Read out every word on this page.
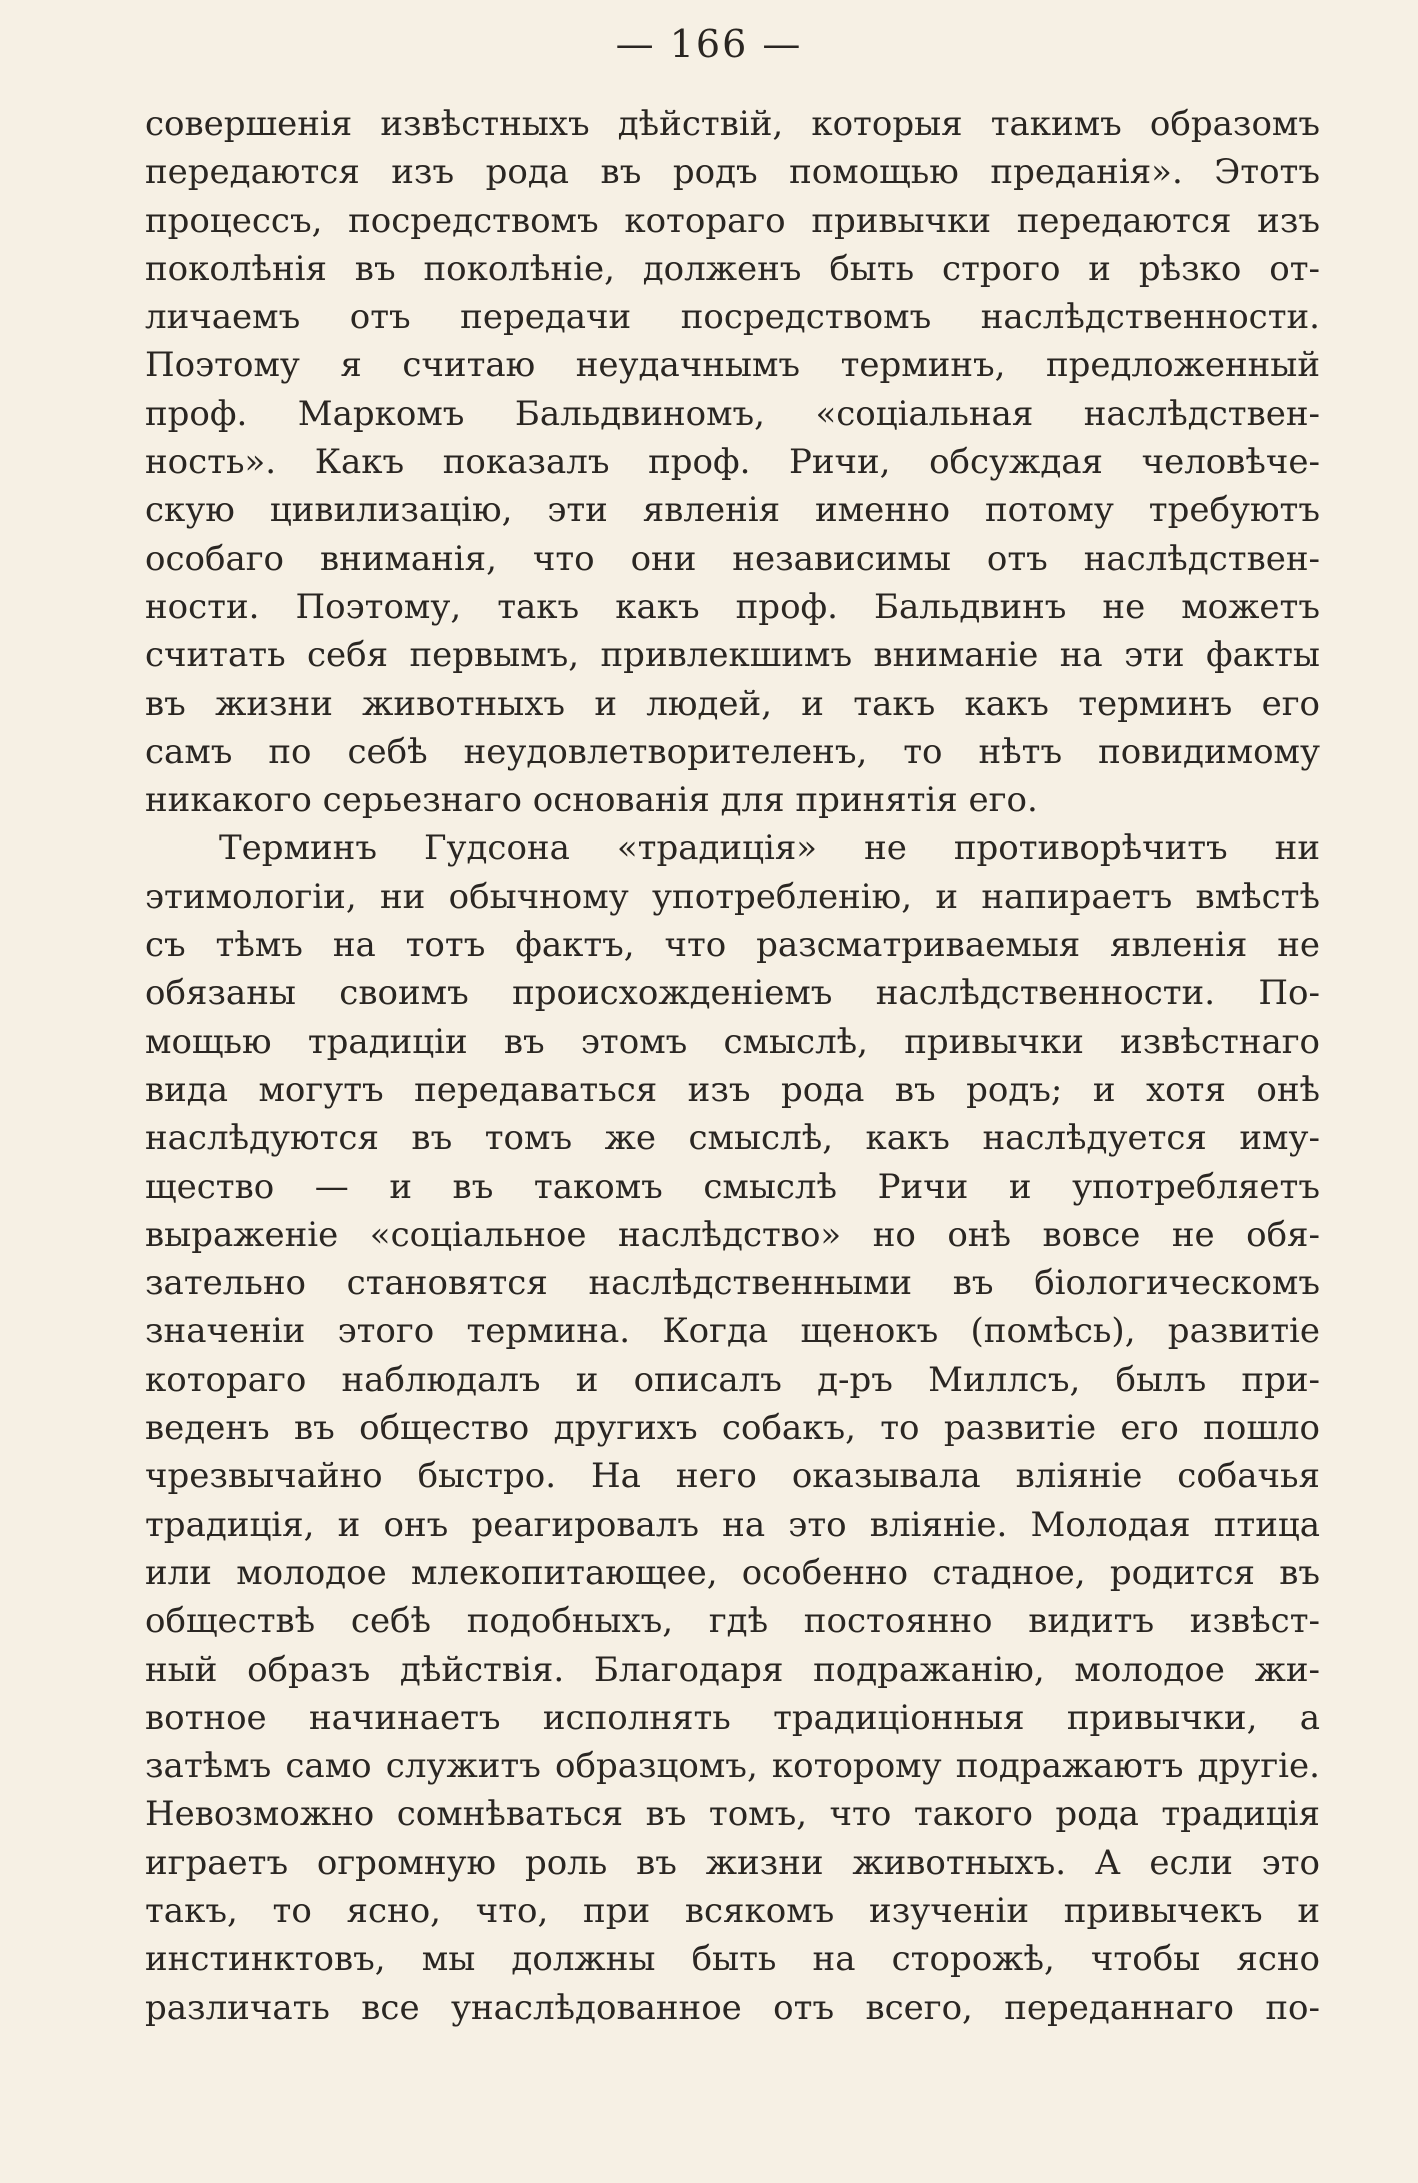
— 166 —
совершенія извѣстныхъ дѣйствій, которыя такимъ образомъ
передаются изъ рода въ родъ помощью преданія». Этотъ
процессъ, посредствомъ котораго привычки передаются изъ
поколѣнія въ поколѣніе, долженъ быть строго и рѣзко от-
личаемъ отъ передачи посредствомъ наслѣдственности.
Поэтому я считаю неудачнымъ терминъ, предложенный
проф. Маркомъ Бальдвиномъ, «соціальная наслѣдствен-
ность». Какъ показалъ проф. Ричи, обсуждая человѣче-
скую цивилизацію, эти явленія именно потому требуютъ
особаго вниманія, что они независимы отъ наслѣдствен-
ности. Поэтому, такъ какъ проф. Бальдвинъ не можетъ
считать себя первымъ, привлекшимъ вниманіе на эти факты
въ жизни животныхъ и людей, и такъ какъ терминъ его
самъ по себѣ неудовлетворителенъ, то нѣтъ повидимому
никакого серьезнаго основанія для принятія его.
Терминъ Гудсона «традиція» не противорѣчитъ ни
этимологіи, ни обычному употребленію, и напираетъ вмѣстѣ
съ тѣмъ на тотъ фактъ, что разсматриваемыя явленія не
обязаны своимъ происхожденіемъ наслѣдственности. По-
мощью традиціи въ этомъ смыслѣ, привычки извѣстнаго
вида могутъ передаваться изъ рода въ родъ; и хотя онѣ
наслѣдуются въ томъ же смыслѣ, какъ наслѣдуется иму-
щество — и въ такомъ смыслѣ Ричи и употребляетъ
выраженіе «соціальное наслѣдство» но онѣ вовсе не обя-
зательно становятся наслѣдственными въ біологическомъ
значеніи этого термина. Когда щенокъ (помѣсь), развитіе
котораго наблюдалъ и описалъ д-ръ Миллсъ, былъ при-
веденъ въ общество другихъ собакъ, то развитіе его пошло
чрезвычайно быстро. На него оказывала вліяніе собачья
традиція, и онъ реагировалъ на это вліяніе. Молодая птица
или молодое млекопитающее, особенно стадное, родится въ
обществѣ себѣ подобныхъ, гдѣ постоянно видитъ извѣст-
ный образъ дѣйствія. Благодаря подражанію, молодое жи-
вотное начинаетъ исполнять традиціонныя привычки, а
затѣмъ само служитъ образцомъ, которому подражаютъ другіе.
Невозможно сомнѣваться въ томъ, что такого рода традиція
играетъ огромную роль въ жизни животныхъ. А если это
такъ, то ясно, что, при всякомъ изученіи привычекъ и
инстинктовъ, мы должны быть на сторожѣ, чтобы ясно
различать все унаслѣдованное отъ всего, переданнаго по-
